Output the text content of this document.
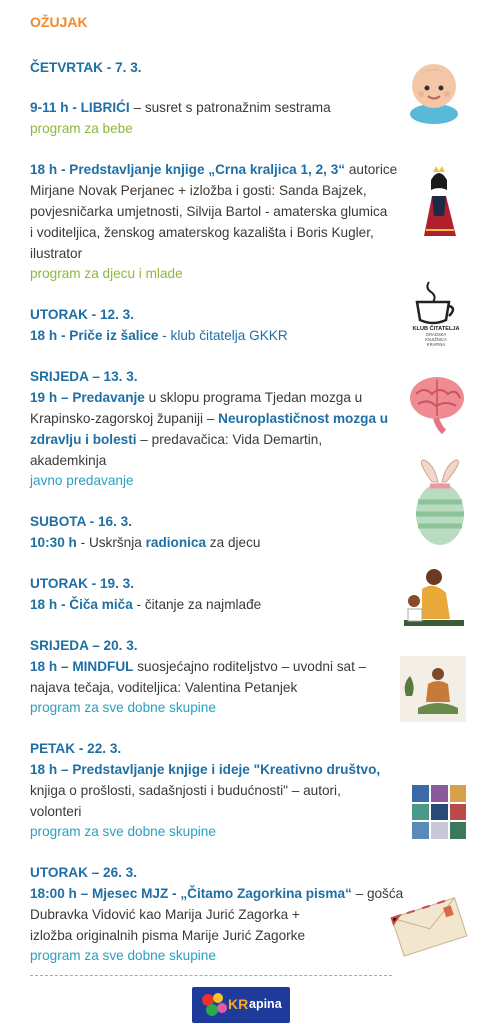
OŽUJAK
ČETVRTAK - 7. 3.
9-11 h - LIBRIĆI – susret s patronažnim sestrama
program za bebe
18 h - Predstavljanje knjige „Crna kraljica 1, 2, 3“ autorice
Mirjane Novak Perjanec + izložba i gosti: Sanda Bajzek,
povjesničarka umjetnosti, Silvija Bartol - amaterska glumica
i voditeljica, ženskog amaterskog kazališta i Boris Kugler,
ilustrator
program za djecu i mlade
UTORAK - 12. 3.
18 h - Priče iz šalice - klub čitatelja GKKR
SRIJEDA – 13. 3.
19 h – Predavanje u sklopu programa Tjedan mozga u
Krapinsko-zagorskoj županiji – Neuroplastičnost mozga u
zdravlju i bolesti – predavačica: Vida Demartin,
akademkinja
javno predavanje
SUBOTA - 16. 3.
10:30 h - Uskršnja radionica za djecu
UTORAK - 19. 3.
18 h - Čiča miča - čitanje za najmlađe
SRIJEDA – 20. 3.
18 h – MINDFUL suosjećajno roditeljstvo – uvodni sat –
najava tečaja, voditeljica: Valentina Petanjek
program za sve dobne skupine
PETAK - 22. 3.
18 h – Predstavljanje knjige i ideje "Kreativno društvo,
knjiga o prošlosti, sadašnjosti i budućnosti" – autori,
volonteri
program za sve dobne skupine
UTORAK – 26. 3.
18:00 h – Mjesec MJZ - „Čitamo Zagorkina pisma“ – gošća
Dubravka Vidović kao Marija Jurić Zagorka +
izložba originalnih pisma Marije Jurić Zagorke
program za sve dobne skupine
KLUB ČITATELJA
GRADSKA
KNJIŽNICA
KRAPINA
KR apina
